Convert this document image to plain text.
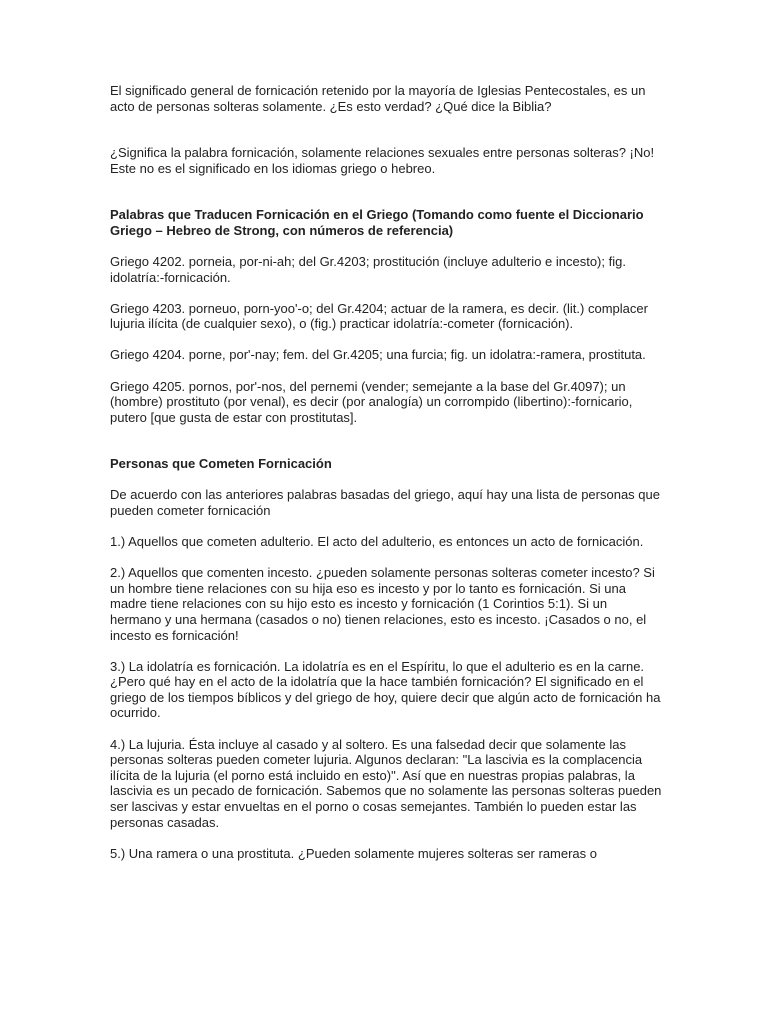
El significado general de fornicación retenido por la mayoría de Iglesias Pentecostales, es un acto de personas solteras solamente. ¿Es esto verdad? ¿Qué dice la Biblia?

¿Significa la palabra fornicación, solamente relaciones sexuales entre personas solteras? ¡No! Este no es el significado en los idiomas griego o hebreo.

Palabras que Traducen Fornicación en el Griego (Tomando como fuente el Diccionario Griego – Hebreo de Strong, con números de referencia)

Griego 4202. porneia, por-ni-ah; del Gr.4203; prostitución (incluye adulterio e incesto); fig. idolatría:-fornicación.

Griego 4203. porneuo, porn-yoo'-o; del Gr.4204; actuar de la ramera, es decir. (lit.) complacer lujuria ilícita (de cualquier sexo), o (fig.) practicar idolatría:-cometer (fornicación).

Griego 4204. porne, por'-nay; fem. del Gr.4205; una furcia; fig. un idolatra:-ramera, prostituta.

Griego 4205. pornos, por'-nos, del pernemi (vender; semejante a la base del Gr.4097); un (hombre) prostituto (por venal), es decir (por analogía) un corrompido (libertino):-fornicario, putero [que gusta de estar con prostitutas].

Personas que Cometen Fornicación

De acuerdo con las anteriores palabras basadas del griego, aquí hay una lista de personas que pueden cometer fornicación

1.) Aquellos que cometen adulterio. El acto del adulterio, es entonces un acto de fornicación.

2.) Aquellos que comenten incesto. ¿pueden solamente personas solteras cometer incesto? Si un hombre tiene relaciones con su hija eso es incesto y por lo tanto es fornicación. Si una madre tiene relaciones con su hijo esto es incesto y fornicación (1 Corintios 5:1). Si un hermano y una hermana (casados o no) tienen relaciones, esto es incesto. ¡Casados o no, el incesto es fornicación!

3.) La idolatría es fornicación. La idolatría es en el Espíritu, lo que el adulterio es en la carne. ¿Pero qué hay en el acto de la idolatría que la hace también fornicación? El significado en el griego de los tiempos bíblicos y del griego de hoy, quiere decir que algún acto de fornicación ha ocurrido.

4.) La lujuria. Ésta incluye al casado y al soltero. Es una falsedad decir que solamente las personas solteras pueden cometer lujuria. Algunos declaran: "La lascivia es la complacencia ilícita de la lujuria (el porno está incluido en esto)". Así que en nuestras propias palabras, la lascivia es un pecado de fornicación. Sabemos que no solamente las personas solteras pueden ser lascivas y estar envueltas en el porno o cosas semejantes. También lo pueden estar las personas casadas.

5.) Una ramera o una prostituta. ¿Pueden solamente mujeres solteras ser rameras o
